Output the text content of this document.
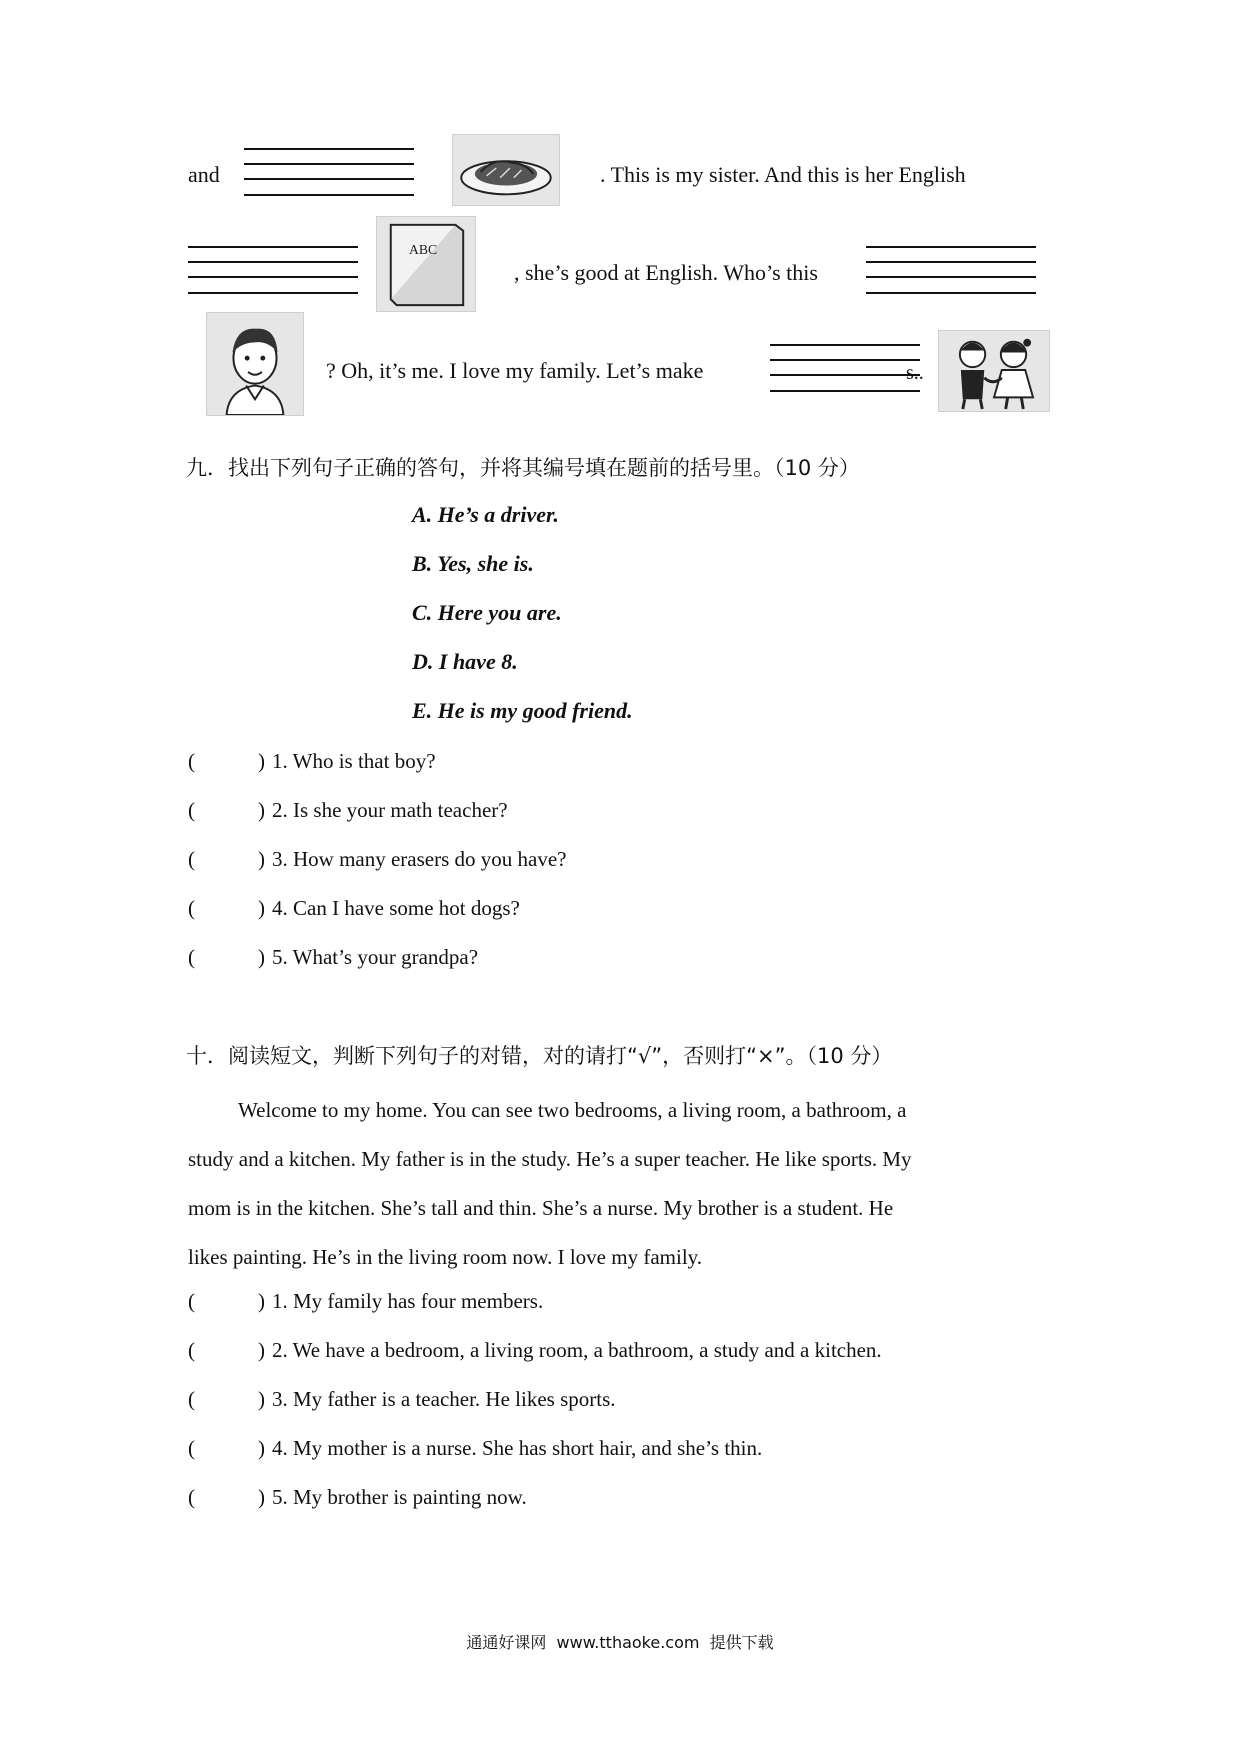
and	. This is my sister. And this is her English
ABC
, she’s good at English. Who’s this
? Oh, it’s me. I love my family. Let’s make	s..
九．找出下列句子正确的答句，并将其编号填在题前的括号里。（10 分）
A. He’s a driver.
B. Yes, she is.
C. Here you are.
D. I have 8.
E. He is my good friend.
(	) 1. Who is that boy?
(	) 2. Is she your math teacher?
(	) 3. How many erasers do you have?
(	) 4. Can I have some hot dogs?
(	) 5. What’s your grandpa?
十．阅读短文，判断下列句子的对错，对的请打“√”，否则打“×”。（10 分）
Welcome to my home. You can see two bedrooms, a living room, a bathroom, a
study and a kitchen. My father is in the study. He’s a super teacher. He like sports. My
mom is in the kitchen. She’s tall and thin. She’s a nurse. My brother is a student. He
likes painting. He’s in the living room now. I love my family.
(	) 1. My family has four members.
(	) 2. We have a bedroom, a living room, a bathroom, a study and a kitchen.
(	) 3. My father is a teacher. He likes sports.
(	) 4. My mother is a nurse. She has short hair, and she’s thin.
(	) 5. My brother is painting now.
通通好课网  www.tthaoke.com  提供下载
